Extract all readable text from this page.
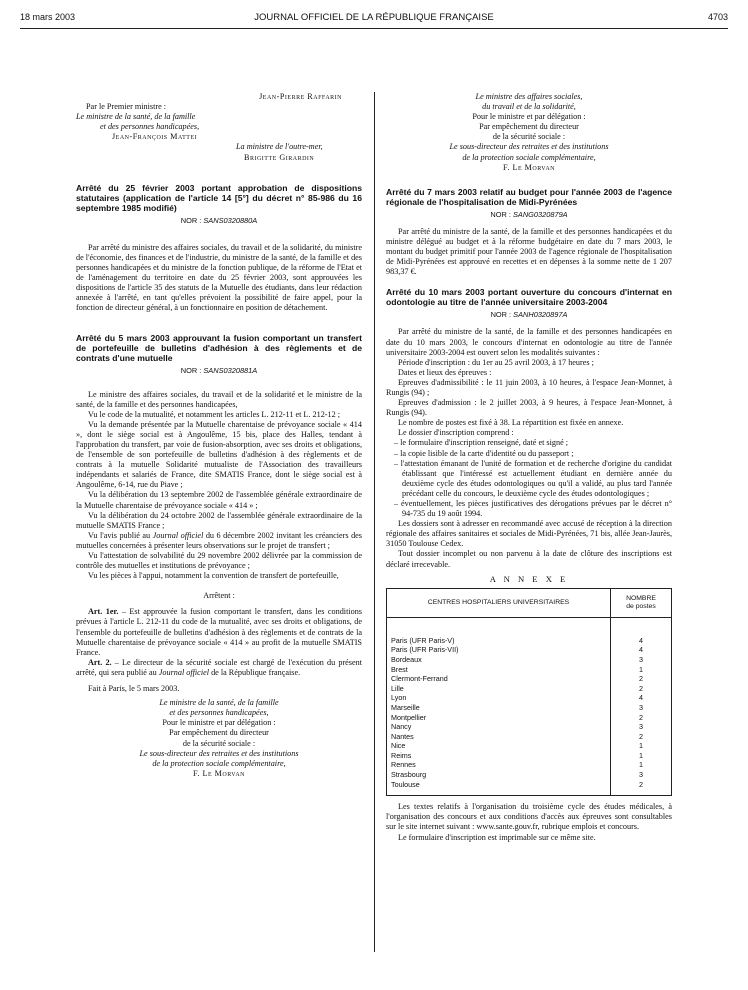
18 mars 2003	JOURNAL OFFICIEL DE LA RÉPUBLIQUE FRANÇAISE	4703

Jean-Pierre Raffarin

Par le Premier ministre :

Le ministre de la santé, de la famille

et des personnes handicapées,

Jean-François Mattei

La ministre de l'outre-mer,

Brigitte Girardin

Arrêté du 25 février 2003 portant approbation de dispositions statutaires (application de l'article 14 [5°] du décret n° 85-986 du 16 septembre 1985 modifié)

NOR : SANS0320880A

Par arrêté du ministre des affaires sociales, du travail et de la solidarité, du ministre de l'économie, des finances et de l'industrie, du ministre de la santé, de la famille et des personnes handicapées et du ministre de la fonction publique, de la réforme de l'Etat et de l'aménagement du territoire en date du 25 février 2003, sont approuvées les dispositions de l'article 35 des statuts de la Mutuelle des étudiants, dans leur rédaction annexée à l'arrêté, en tant qu'elles prévoient la possibilité de faire appel, pour la fonction de directeur général, à un fonctionnaire en position de détachement.

Arrêté du 5 mars 2003 approuvant la fusion comportant un transfert de portefeuille de bulletins d'adhésion à des règlements et de contrats d'une mutuelle

NOR : SANS0320881A

Le ministre des affaires sociales, du travail et de la solidarité et le ministre de la santé, de la famille et des personnes handicapées,

Vu le code de la mutualité, et notamment les articles L. 212-11 et L. 212-12 ;

Vu la demande présentée par la Mutuelle charentaise de prévoyance sociale « 414 », dont le siège social est à Angoulême, 15 bis, place des Halles, tendant à l'approbation du transfert, par voie de fusion-absorption, avec ses droits et obligations, de l'ensemble de son portefeuille de bulletins d'adhésion à des règlements et de contrats à la mutuelle Solidarité mutualiste de l'Association des travailleurs indépendants et salariés de France, dite SMATIS France, dont le siège social est à Angoulême, 6-14, rue du Piave ;

Vu la délibération du 13 septembre 2002 de l'assemblée générale extraordinaire de la Mutuelle charentaise de prévoyance sociale « 414 » ;

Vu la délibération du 24 octobre 2002 de l'assemblée générale extraordinaire de la mutuelle SMATIS France ;

Vu l'avis publié au Journal officiel du 6 décembre 2002 invitant les créanciers des mutuelles concernées à présenter leurs observations sur le projet de transfert ;

Vu l'attestation de solvabilité du 29 novembre 2002 délivrée par la commission de contrôle des mutuelles et institutions de prévoyance ;

Vu les pièces à l'appui, notamment la convention de transfert de portefeuille,

Arrêtent :

Art. 1er. – Est approuvée la fusion comportant le transfert, dans les conditions prévues à l'article L. 212-11 du code de la mutualité, avec ses droits et obligations, de l'ensemble du portefeuille de bulletins d'adhésion à des règlements et de contrats de la Mutuelle charentaise de prévoyance sociale « 414 » au profit de la mutuelle SMATIS France.

Art. 2. – Le directeur de la sécurité sociale est chargé de l'exécution du présent arrêté, qui sera publié au Journal officiel de la République française.

Fait à Paris, le 5 mars 2003.

Le ministre de la santé, de la famille

et des personnes handicapées,

Pour le ministre et par délégation :

Par empêchement du directeur

de la sécurité sociale :

Le sous-directeur des retraites et des institutions

de la protection sociale complémentaire,

F. Le Morvan

Le ministre des affaires sociales,

du travail et de la solidarité,

Pour le ministre et par délégation :

Par empêchement du directeur

de la sécurité sociale :

Le sous-directeur des retraites et des institutions

de la protection sociale complémentaire,

F. Le Morvan

Arrêté du 7 mars 2003 relatif au budget pour l'année 2003 de l'agence régionale de l'hospitalisation de Midi-Pyrénées

NOR : SANG0320879A

Par arrêté du ministre de la santé, de la famille et des personnes handicapées et du ministre délégué au budget et à la réforme budgétaire en date du 7 mars 2003, le montant du budget primitif pour l'année 2003 de l'agence régionale de l'hospitalisation de Midi-Pyrénées est approuvé en recettes et en dépenses à la somme nette de 1 207 983,37 €.

Arrêté du 10 mars 2003 portant ouverture du concours d'internat en odontologie au titre de l'année universitaire 2003-2004

NOR : SANH0320897A

Par arrêté du ministre de la santé, de la famille et des personnes handicapées en date du 10 mars 2003, le concours d'internat en odontologie au titre de l'année universitaire 2003-2004 est ouvert selon les modalités suivantes :

Période d'inscription : du 1er au 25 avril 2003, à 17 heures ;

Dates et lieux des épreuves :

Epreuves d'admissibilité : le 11 juin 2003, à 10 heures, à l'espace Jean-Monnet, à Rungis (94) ;

Epreuves d'admission : le 2 juillet 2003, à 9 heures, à l'espace Jean-Monnet, à Rungis (94).

Le nombre de postes est fixé à 38. La répartition est fixée en annexe.

Le dossier d'inscription comprend :

– le formulaire d'inscription renseigné, daté et signé ;

– la copie lisible de la carte d'identité ou du passeport ;

– l'attestation émanant de l'unité de formation et de recherche d'origine du candidat établissant que l'intéressé est actuellement étudiant en dernière année du deuxième cycle des études odontologiques ou qu'il a validé, au plus tard l'année précédant celle du concours, le deuxième cycle des études odontologiques ;

– éventuellement, les pièces justificatives des dérogations prévues par le décret n° 94-735 du 19 août 1994.

Les dossiers sont à adresser en recommandé avec accusé de réception à la direction régionale des affaires sanitaires et sociales de Midi-Pyrénées, 71 bis, allée Jean-Jaurès, 31050 Toulouse Cedex.

Tout dossier incomplet ou non parvenu à la date de clôture des inscriptions est déclaré irrecevable.

A N N E X E

CENTRES HOSPITALIERS UNIVERSITAIRES	NOMBRE
de postes
Paris (UFR Paris-V)	4
Paris (UFR Paris-VII)	4
Bordeaux	3
Brest	1
Clermont-Ferrand	2
Lille	2
Lyon	4
Marseille	3
Montpellier	2
Nancy	3
Nantes	2
Nice	1
Reims	1
Rennes	1
Strasbourg	3
Toulouse	2

Les textes relatifs à l'organisation du troisième cycle des études médicales, à l'organisation des concours et aux conditions d'accès aux épreuves sont consultables sur le site internet suivant : www.sante.gouv.fr, rubrique emplois et concours.

Le formulaire d'inscription est imprimable sur ce même site.
